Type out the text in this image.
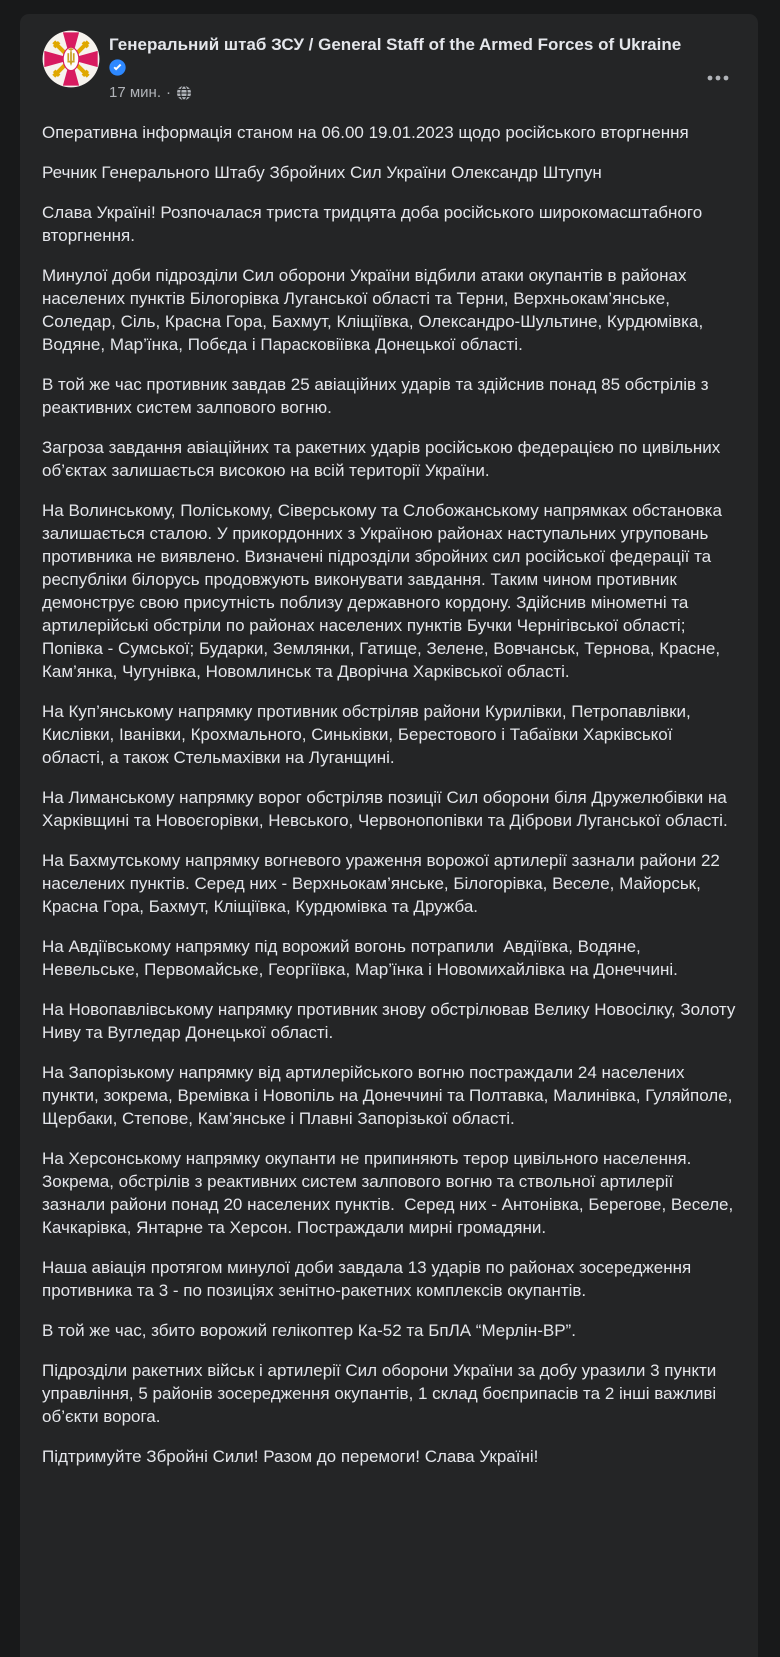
Генеральний штаб ЗСУ / General Staff of the Armed Forces of Ukraine
17 мин. ·

Оперативна інформація станом на 06.00 19.01.2023 щодо російського вторгнення

Речник Генерального Штабу Збройних Сил України Олександр Штупун

Слава Україні! Розпочалася триста тридцята доба російського широкомасштабного вторгнення.

Минулої доби підрозділи Сил оборони України відбили атаки окупантів в районах населених пунктів Білогорівка Луганської області та Терни, Верхньокам’янське, Соледар, Сіль, Красна Гора, Бахмут, Кліщіївка, Олександро-Шультине, Курдюмівка, Водяне, Мар’їнка, Побєда і Парасковіївка Донецької області.

В той же час противник завдав 25 авіаційних ударів та здійснив понад 85 обстрілів з реактивних систем залпового вогню.

Загроза завдання авіаційних та ракетних ударів російською федерацією по цивільних об’єктах залишається високою на всій території України.

На Волинському, Поліському, Сіверському та Слобожанському напрямках обстановка залишається сталою. У прикордонних з Україною районах наступальних угруповань противника не виявлено. Визначені підрозділи збройних сил російської федерації та республіки білорусь продовжують виконувати завдання. Таким чином противник демонструє свою присутність поблизу державного кордону. Здійснив мінометні та артилерійські обстріли по районах населених пунктів Бучки Чернігівської області; Попівка - Сумської; Бударки, Землянки, Гатище, Зелене, Вовчанськ, Тернова, Красне, Кам’янка, Чугунівка, Новомлинськ та Дворічна Харківської області.

На Куп’янському напрямку противник обстріляв райони Курилівки, Петропавлівки, Кислівки, Іванівки, Крохмального, Синьківки, Берестового і Табаївки Харківської області, а також Стельмахівки на Луганщині.

На Лиманському напрямку ворог обстріляв позиції Сил оборони біля Дружелюбівки на Харківщині та Новоєгорівки, Невського, Червонопопівки та Діброви Луганської області.

На Бахмутському напрямку вогневого ураження ворожої артилерії зазнали райони 22 населених пунктів. Серед них - Верхньокам’янське, Білогорівка, Веселе, Майорськ, Красна Гора, Бахмут, Кліщіївка, Курдюмівка та Дружба.

На Авдіївському напрямку під ворожий вогонь потрапили  Авдіївка, Водяне, Невельське, Первомайське, Георгіївка, Мар’їнка і Новомихайлівка на Донеччині.

На Новопавлівському напрямку противник знову обстрілював Велику Новосілку, Золоту Ниву та Вугледар Донецької області.

На Запорізькому напрямку від артилерійського вогню постраждали 24 населених пункти, зокрема, Времівка і Новопіль на Донеччині та Полтавка, Малинівка, Гуляйполе, Щербаки, Степове, Кам’янське і Плавні Запорізької області.

На Херсонському напрямку окупанти не припиняють терор цивільного населення. Зокрема, обстрілів з реактивних систем залпового вогню та ствольної артилерії зазнали райони понад 20 населених пунктів.  Серед них - Антонівка, Берегове, Веселе, Качкарівка, Янтарне та Херсон. Постраждали мирні громадяни.

Наша авіація протягом минулої доби завдала 13 ударів по районах зосередження противника та 3 - по позиціях зенітно-ракетних комплексів окупантів.

В той же час, збито ворожий гелікоптер Ка-52 та БпЛА “Мерлін-ВР”.

Підрозділи ракетних військ і артилерії Сил оборони України за добу уразили 3 пункти управління, 5 районів зосередження окупантів, 1 склад боєприпасів та 2 інші важливі об’єкти ворога.

Підтримуйте Збройні Сили! Разом до перемоги! Слава Україні!
